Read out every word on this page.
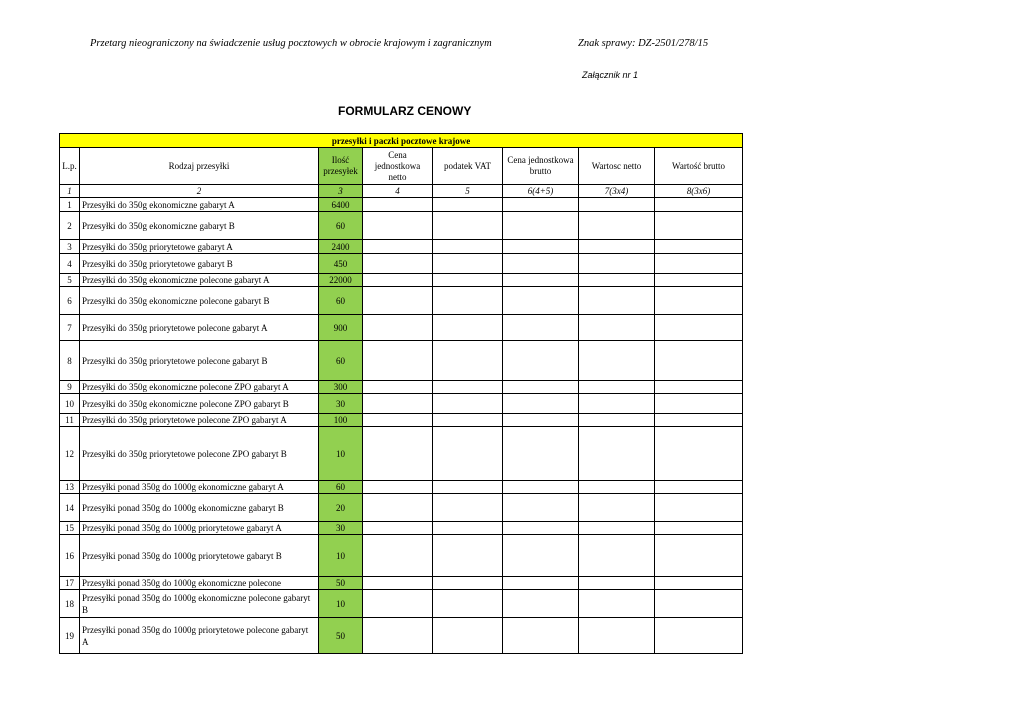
Przetarg nieograniczony na świadczenie usług pocztowych w obrocie krajowym i zagranicznym	Znak sprawy: DZ-2501/278/15
Załącznik nr 1
FORMULARZ CENOWY
przesyłki i paczki pocztowe krajowe							
L.p.	Rodzaj przesyłki	Ilość przesyłek	Cena jednostkowa netto	podatek VAT	Cena jednostkowa brutto	Wartosc netto	Wartość brutto
1	2	3	4	5	6(4+5)	7(3x4)	8(3x6)
1	Przesyłki do 350g ekonomiczne gabaryt A	6400					
2	Przesyłki do 350g ekonomiczne gabaryt B	60					
3	Przesyłki do 350g priorytetowe gabaryt A	2400					
4	Przesyłki do 350g priorytetowe gabaryt B	450					
5	Przesyłki do 350g ekonomiczne polecone gabaryt A	22000					
6	Przesyłki do 350g ekonomiczne polecone gabaryt B	60					
7	Przesyłki do 350g priorytetowe polecone gabaryt A	900					
8	Przesyłki do 350g priorytetowe polecone gabaryt B	60					
9	Przesyłki do 350g ekonomiczne polecone ZPO gabaryt A	300					
10	Przesyłki do 350g ekonomiczne polecone ZPO gabaryt B	30					
11	Przesyłki do 350g priorytetowe polecone ZPO gabaryt A	100					
12	Przesyłki do 350g priorytetowe polecone ZPO gabaryt B	10					
13	Przesyłki ponad 350g do 1000g ekonomiczne gabaryt A	60					
14	Przesyłki ponad 350g do 1000g ekonomiczne gabaryt B	20					
15	Przesyłki ponad 350g do 1000g priorytetowe gabaryt A	30					
16	Przesyłki ponad 350g do 1000g priorytetowe gabaryt B	10					
17	Przesyłki ponad 350g do 1000g ekonomiczne polecone	50					
18	Przesyłki ponad 350g do 1000g ekonomiczne polecone gabaryt B	10					
19	Przesyłki ponad 350g do 1000g priorytetowe polecone gabaryt A	50					
